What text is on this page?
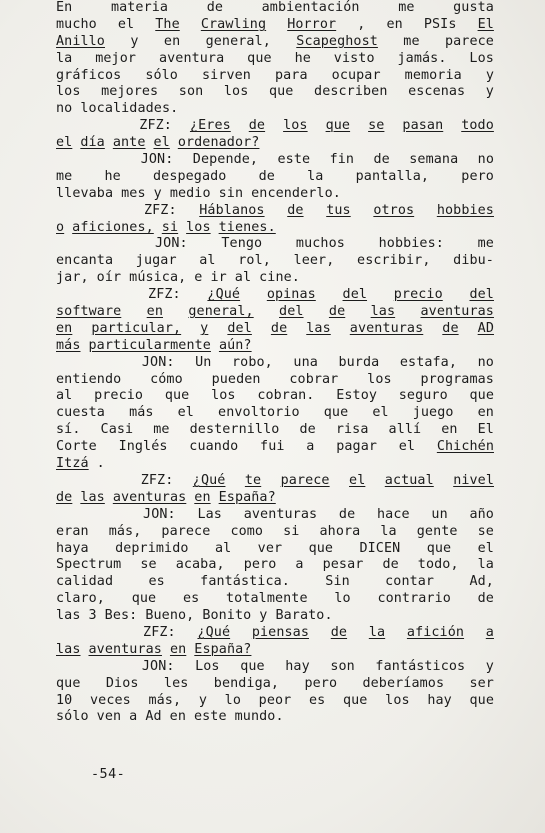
En	materia	de	ambientación	me	gusta
mucho el The Crawling Horror , en PSIs El
Anillo y en general, Scapeghost me parece
la mejor aventura que he visto jamás. Los
gráficos sólo sirven para ocupar memoria y
los mejores son los que describen escenas y
no localidades.

ZFZ: ¿Eres de los que se pasan todo
el día ante el ordenador?

JON: Depende, este fin de semana no
me he despegado de la pantalla, pero
llevaba mes y medio sin encenderlo.

ZFZ: Háblanos de tus otros hobbies
o aficiones, si los tienes.

JON:	Tengo	muchos	hobbies:	me
encanta jugar al rol, leer, escribir, dibu-
jar, oír música, e ir al cine.

ZFZ: ¿Qué opinas del precio del
software en general, del de las aventuras
en particular, y del de las aventuras de AD
más particularmente aún?

JON: Un robo, una burda estafa, no
entiendo cómo pueden cobrar los programas
al precio que los cobran. Estoy seguro que
cuesta más el envoltorio que el juego en
sí. Casi me desternillo de risa allí en El
Corte Inglés cuando fui a pagar el Chichén
Itzá .

ZFZ: ¿Qué te parece el actual nivel
de las aventuras en España?

JON: Las aventuras de hace un año
eran más, parece como si ahora la gente se
haya deprimido al ver que DICEN que el
Spectrum se acaba, pero a pesar de todo, la
calidad	es	fantástica.	Sin	contar	Ad,
claro, que es totalmente lo contrario de
las 3 Bes: Bueno, Bonito y Barato.

ZFZ: ¿Qué piensas de la afición a
las aventuras en España?

JON: Los que hay son fantásticos y
que Dios les bendiga, pero deberíamos ser
10 veces más, y lo peor es que los hay que
sólo ven a Ad en este mundo.
-54-
